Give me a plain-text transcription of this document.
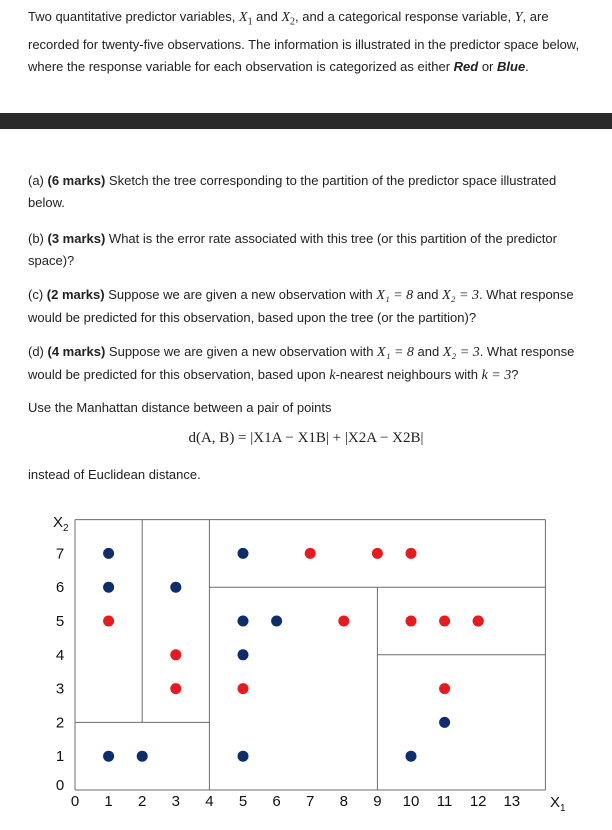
Two quantitative predictor variables, $X_1$ and $X_2$, and a categorical response variable, Y, are recorded for twenty-five observations. The information is illustrated in the predictor space below, where the response variable for each observation is categorized as either Red or Blue.

(a) (6 marks) Sketch the tree corresponding to the partition of the predictor space illustrated below.

(b) (3 marks) What is the error rate associated with this tree (or this partition of the predictor space)?

(c) (2 marks) Suppose we are given a new observation with X₁ = 8 and X₂ = 3. What response would be predicted for this observation, based upon the tree (or the partition)?

(d) (4 marks) Suppose we are given a new observation with X₁ = 8 and X₂ = 3. What response would be predicted for this observation, based upon k-nearest neighbours with k = 3?

Use the Manhattan distance between a pair of points

d(A, B) = |X1A − X1B| + |X2A − X2B|

instead of Euclidean distance.

0 1 2 3 4 5 6 7 8 9 10 11 12 13
0
1
2
3
4
5
6
7
$X_1$
$X_2$
